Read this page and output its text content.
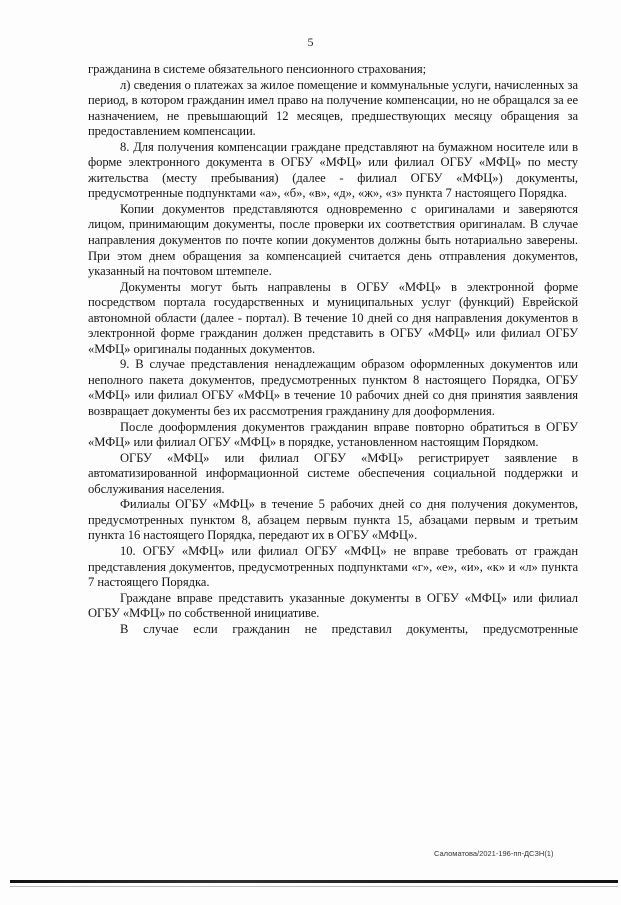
5

гражданина в системе обязательного пенсионного страхования;

л) сведения о платежах за жилое помещение и коммунальные услуги, начисленных за период, в котором гражданин имел право на получение компенсации, но не обращался за ее назначением, не превышающий 12 месяцев, предшествующих месяцу обращения за предоставлением компенсации.

8. Для получения компенсации граждане представляют на бумажном носителе или в форме электронного документа в ОГБУ «МФЦ» или филиал ОГБУ «МФЦ» по месту жительства (месту пребывания) (далее - филиал ОГБУ «МФЦ») документы, предусмотренные подпунктами «а», «б», «в», «д», «ж», «з» пункта 7 настоящего Порядка.

Копии документов представляются одновременно с оригиналами и заверяются лицом, принимающим документы, после проверки их соответствия оригиналам. В случае направления документов по почте копии документов должны быть нотариально заверены. При этом днем обращения за компенсацией считается день отправления документов, указанный на почтовом штемпеле.

Документы могут быть направлены в ОГБУ «МФЦ» в электронной форме посредством портала государственных и муниципальных услуг (функций) Еврейской автономной области (далее - портал). В течение 10 дней со дня направления документов в электронной форме гражданин должен представить в ОГБУ «МФЦ» или филиал ОГБУ «МФЦ» оригиналы поданных документов.

9. В случае представления ненадлежащим образом оформленных документов или неполного пакета документов, предусмотренных пунктом 8 настоящего Порядка, ОГБУ «МФЦ» или филиал ОГБУ «МФЦ» в течение 10 рабочих дней со дня принятия заявления возвращает документы без их рассмотрения гражданину для дооформления.

После дооформления документов гражданин вправе повторно обратиться в ОГБУ «МФЦ» или филиал ОГБУ «МФЦ» в порядке, установленном настоящим Порядком.

ОГБУ «МФЦ» или филиал ОГБУ «МФЦ» регистрирует заявление в автоматизированной информационной системе обеспечения социальной поддержки и обслуживания населения.

Филиалы ОГБУ «МФЦ» в течение 5 рабочих дней со дня получения документов, предусмотренных пунктом 8, абзацем первым пункта 15, абзацами первым и третьим пункта 16 настоящего Порядка, передают их в ОГБУ «МФЦ».

10. ОГБУ «МФЦ» или филиал ОГБУ «МФЦ» не вправе требовать от граждан представления документов, предусмотренных подпунктами «г», «е», «и», «к» и «л» пункта 7 настоящего Порядка.

Граждане вправе представить указанные документы в ОГБУ «МФЦ» или филиал ОГБУ «МФЦ» по собственной инициативе.

В случае если гражданин не представил документы, предусмотренные

Саломатова/2021-196-пп-ДСЗН(1)
